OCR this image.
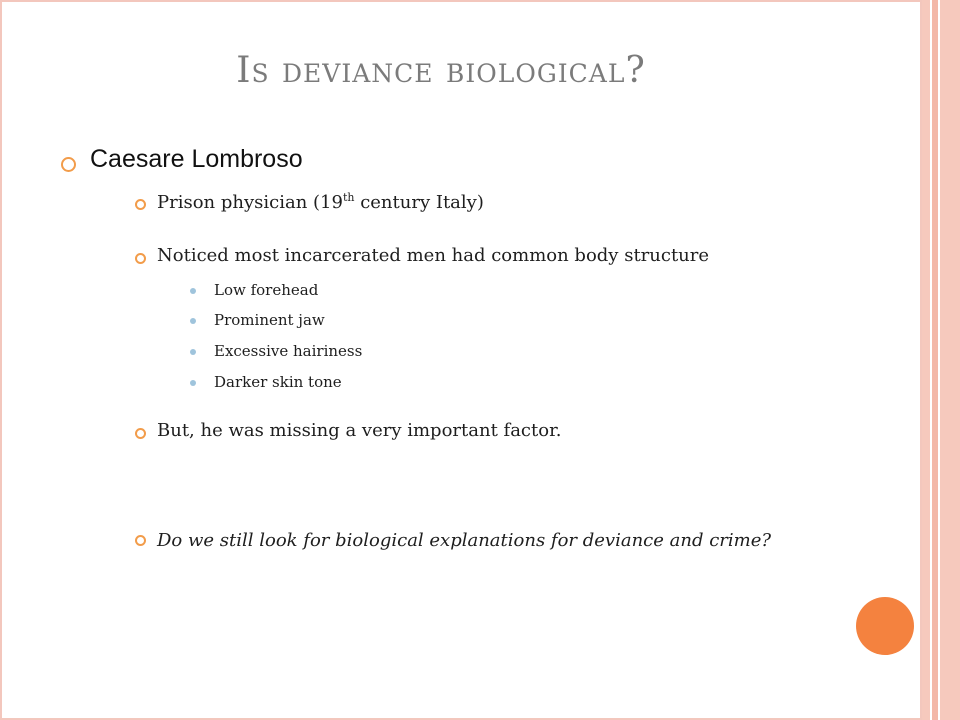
Is deviance biological?
Caesare Lombroso
Prison physician (19th century Italy)
Noticed most incarcerated men had common body structure
Low forehead
Prominent jaw
Excessive hairiness
Darker skin tone
But, he was missing a very important factor.
Do we still look for biological explanations for deviance and crime?
